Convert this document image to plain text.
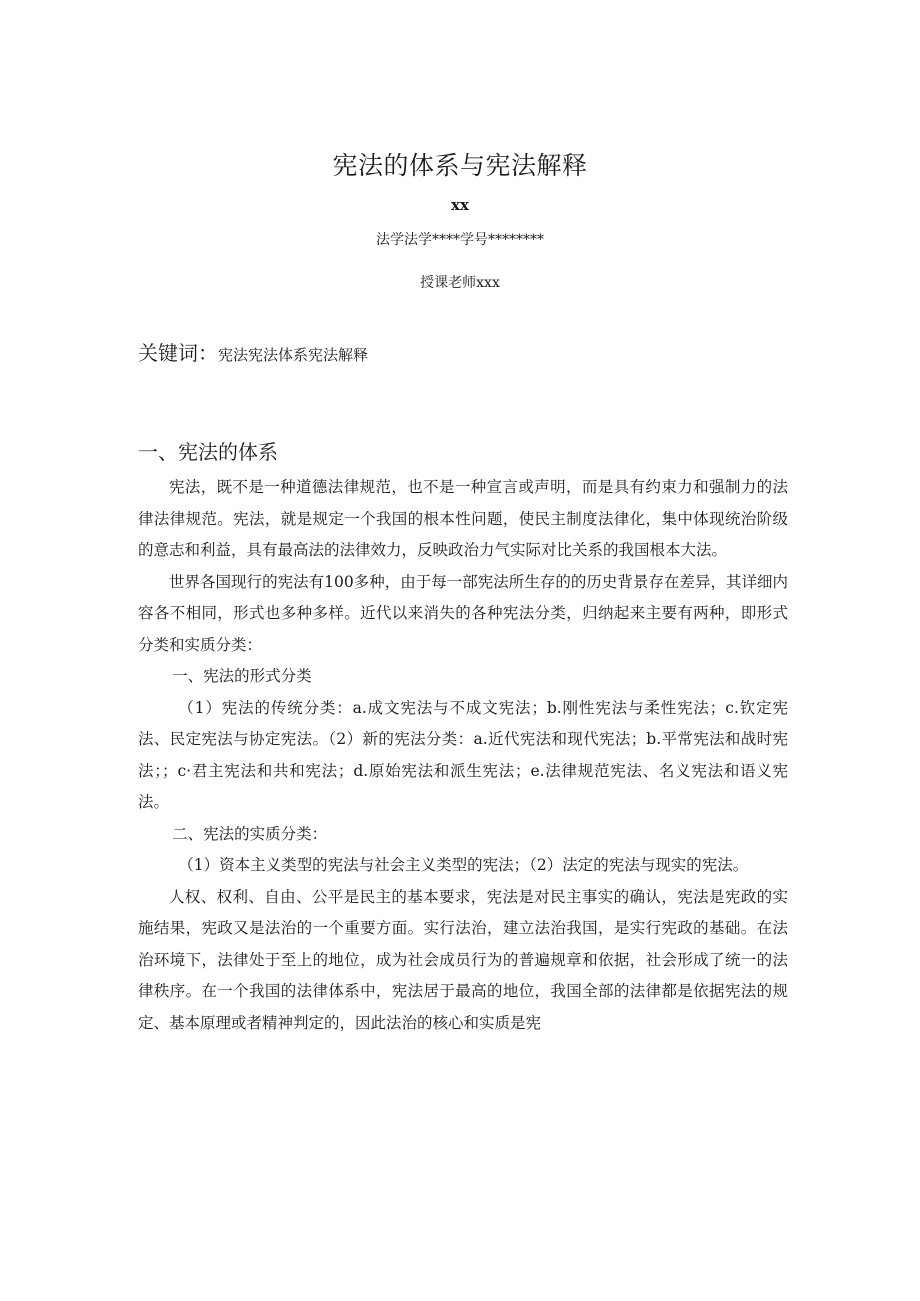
宪法的体系与宪法解释
xx
法学法学****学号********
授课老师xxx
关键词：宪法宪法体系宪法解释
一、宪法的体系

宪法，既不是一种道德法律规范，也不是一种宣言或声明，而是具有约束力和强制力的法律法律规范。宪法，就是规定一个我国的根本性问题，使民主制度法律化，集中体现统治阶级的意志和利益，具有最高法的法律效力，反映政治力气实际对比关系的我国根本大法。

世界各国现行的宪法有100多种，由于每一部宪法所生存的的历史背景存在差异，其详细内容各不相同，形式也多种多样。近代以来消失的各种宪法分类，归纳起来主要有两种，即形式分类和实质分类：

一、宪法的形式分类

（1）宪法的传统分类：a.成文宪法与不成文宪法；b.刚性宪法与柔性宪法；c.钦定宪法、民定宪法与协定宪法。（2）新的宪法分类：a.近代宪法和现代宪法；b.平常宪法和战时宪法；；c·君主宪法和共和宪法；d.原始宪法和派生宪法；e.法律规范宪法、名义宪法和语义宪法。

二、宪法的实质分类：

（1）资本主义类型的宪法与社会主义类型的宪法；（2）法定的宪法与现实的宪法。

人权、权利、自由、公平是民主的基本要求，宪法是对民主事实的确认，宪法是宪政的实施结果，宪政又是法治的一个重要方面。实行法治，建立法治我国，是实行宪政的基础。在法治环境下，法律处于至上的地位，成为社会成员行为的普遍规章和依据，社会形成了统一的法律秩序。在一个我国的法律体系中，宪法居于最高的地位，我国全部的法律都是依据宪法的规定、基本原理或者精神判定的，因此法治的核心和实质是宪
